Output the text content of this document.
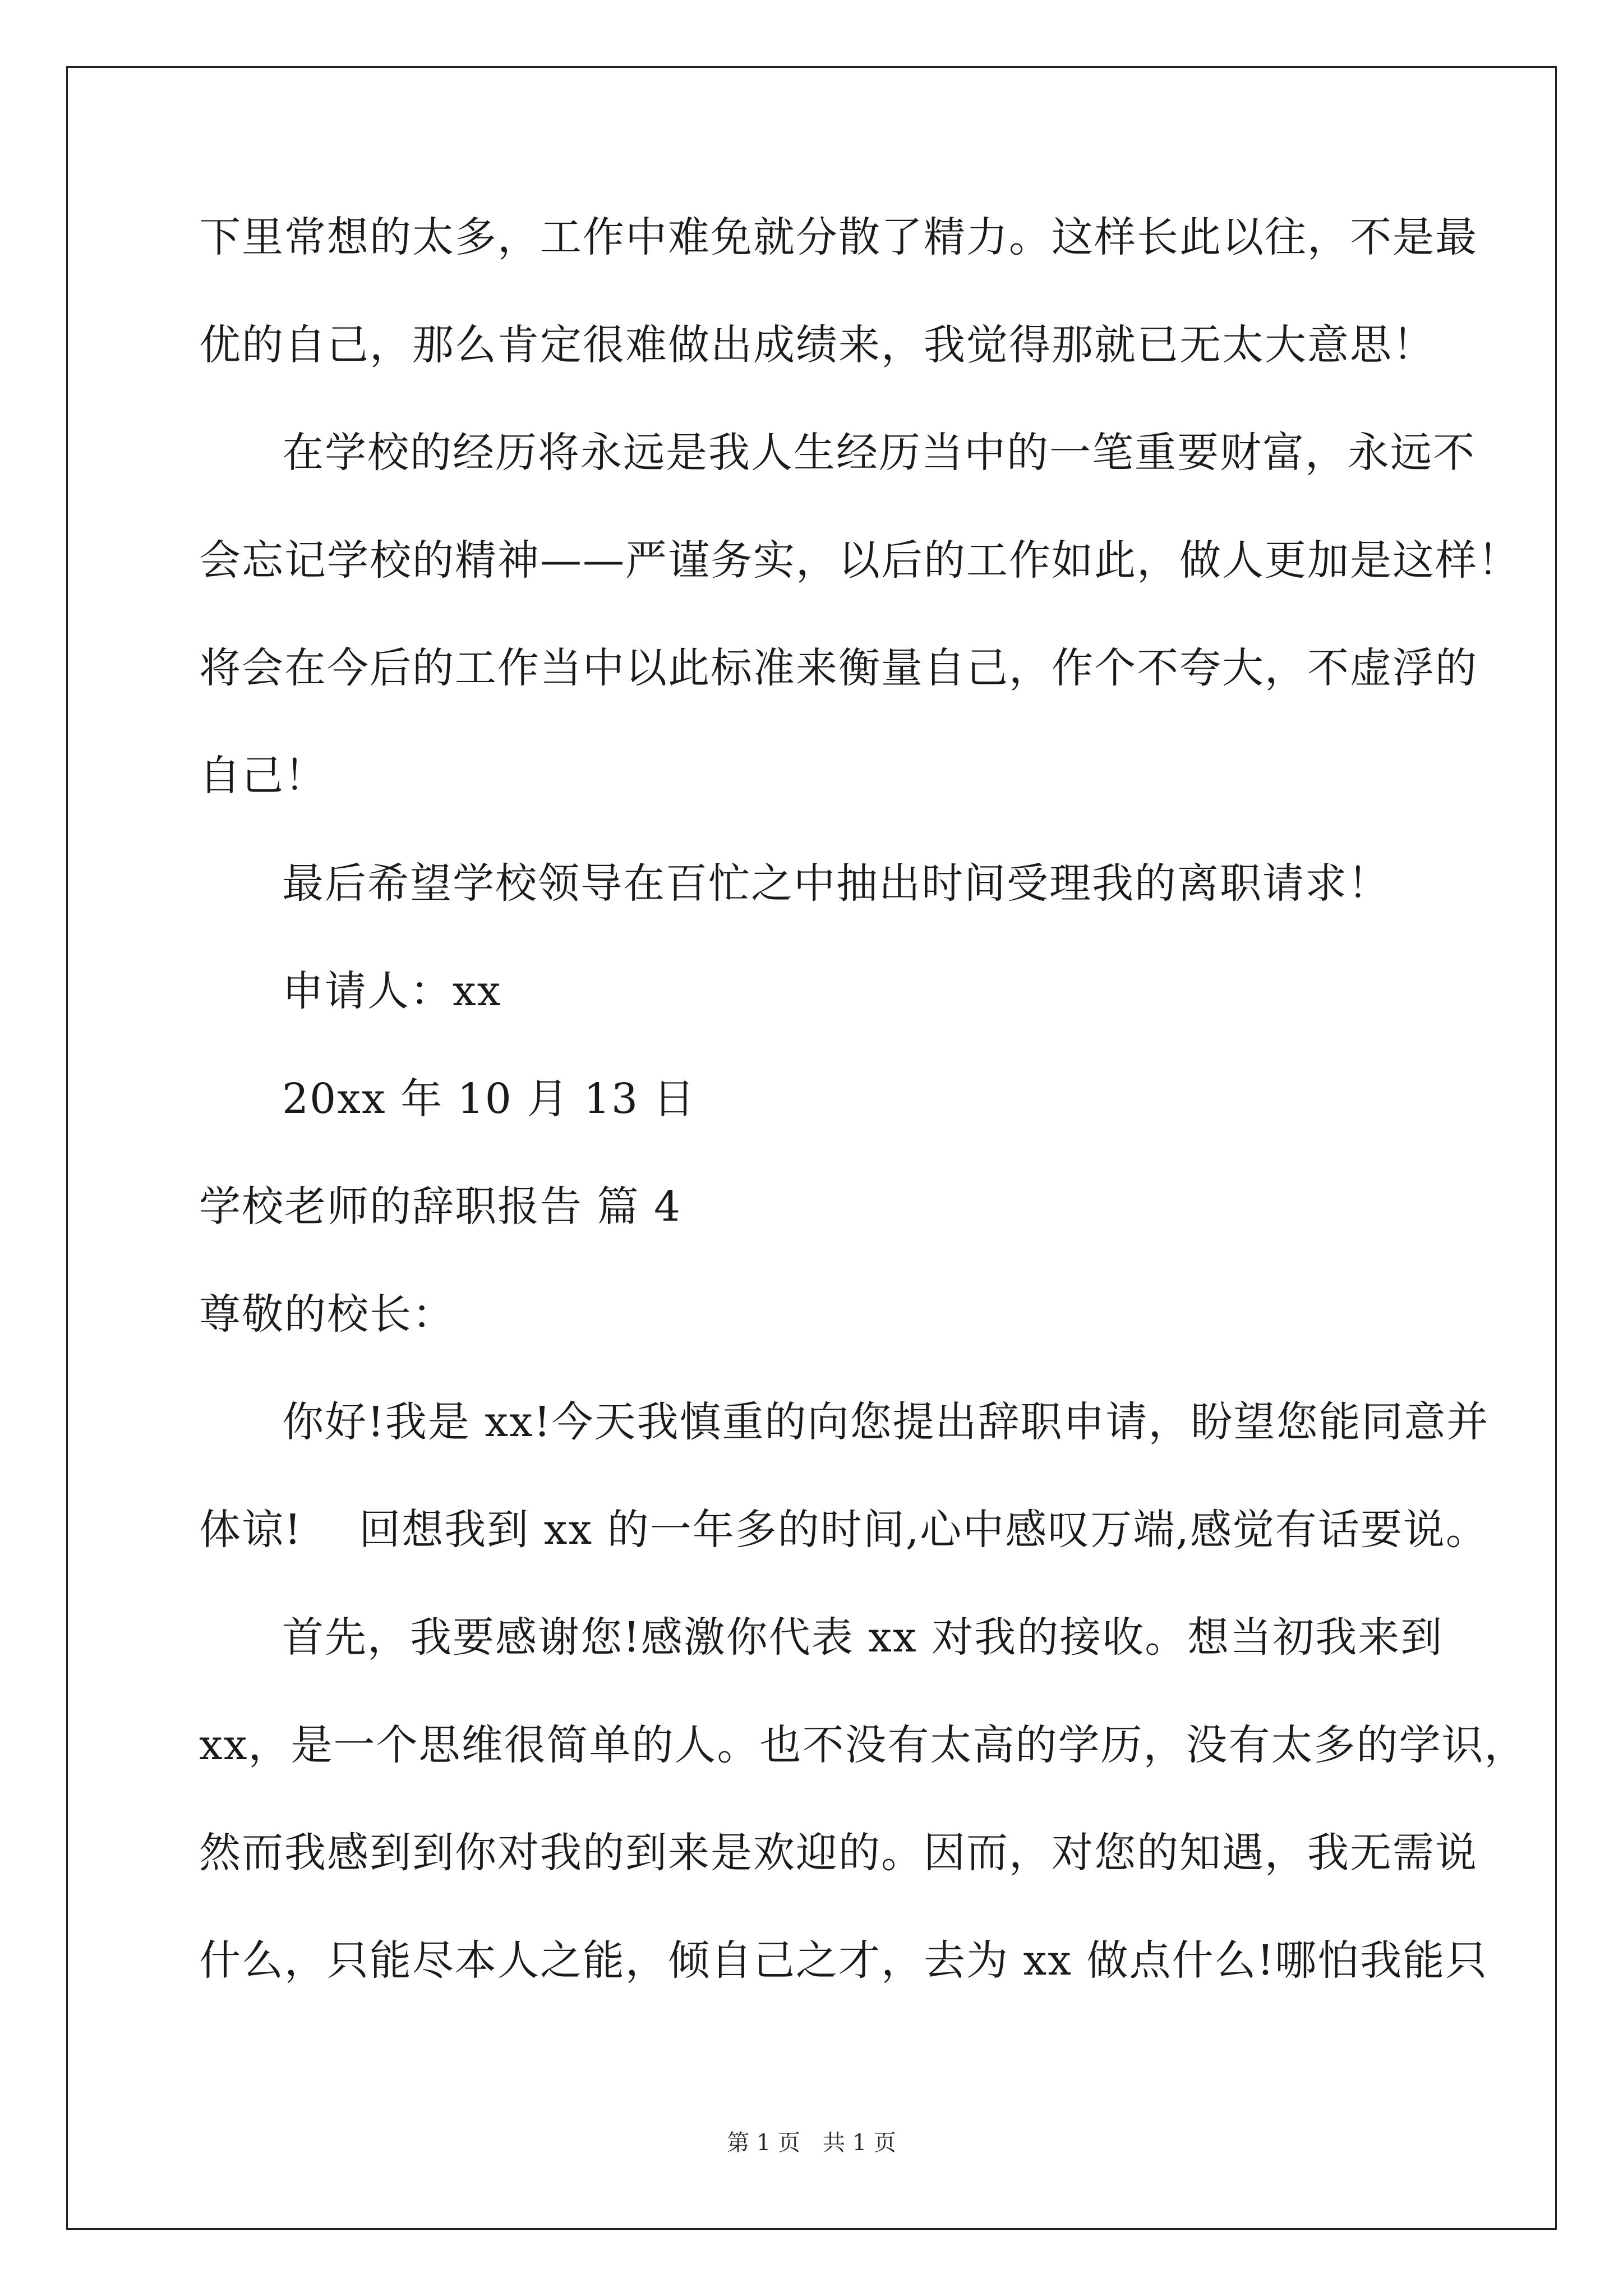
下里常想的太多，工作中难免就分散了精力。这样长此以往，不是最
优的自己，那么肯定很难做出成绩来，我觉得那就已无太大意思！
在学校的经历将永远是我人生经历当中的一笔重要财富，永远不
会忘记学校的精神——严谨务实，以后的工作如此，做人更加是这样！
将会在今后的工作当中以此标准来衡量自己，作个不夸大，不虚浮的
自己！
最后希望学校领导在百忙之中抽出时间受理我的离职请求！
申请人：xx
20xx 年 10 月 13 日
学校老师的辞职报告 篇 4
尊敬的校长：
你好!我是 xx!今天我慎重的向您提出辞职申请，盼望您能同意并
体谅!　 回想我到 xx 的一年多的时间,心中感叹万端,感觉有话要说。
首先，我要感谢您!感激你代表 xx 对我的接收。想当初我来到
xx，是一个思维很简单的人。也不没有太高的学历，没有太多的学识，
然而我感到到你对我的到来是欢迎的。因而，对您的知遇，我无需说
什么，只能尽本人之能，倾自己之才，去为 xx 做点什么!哪怕我能只
第 1 页　共 1 页
